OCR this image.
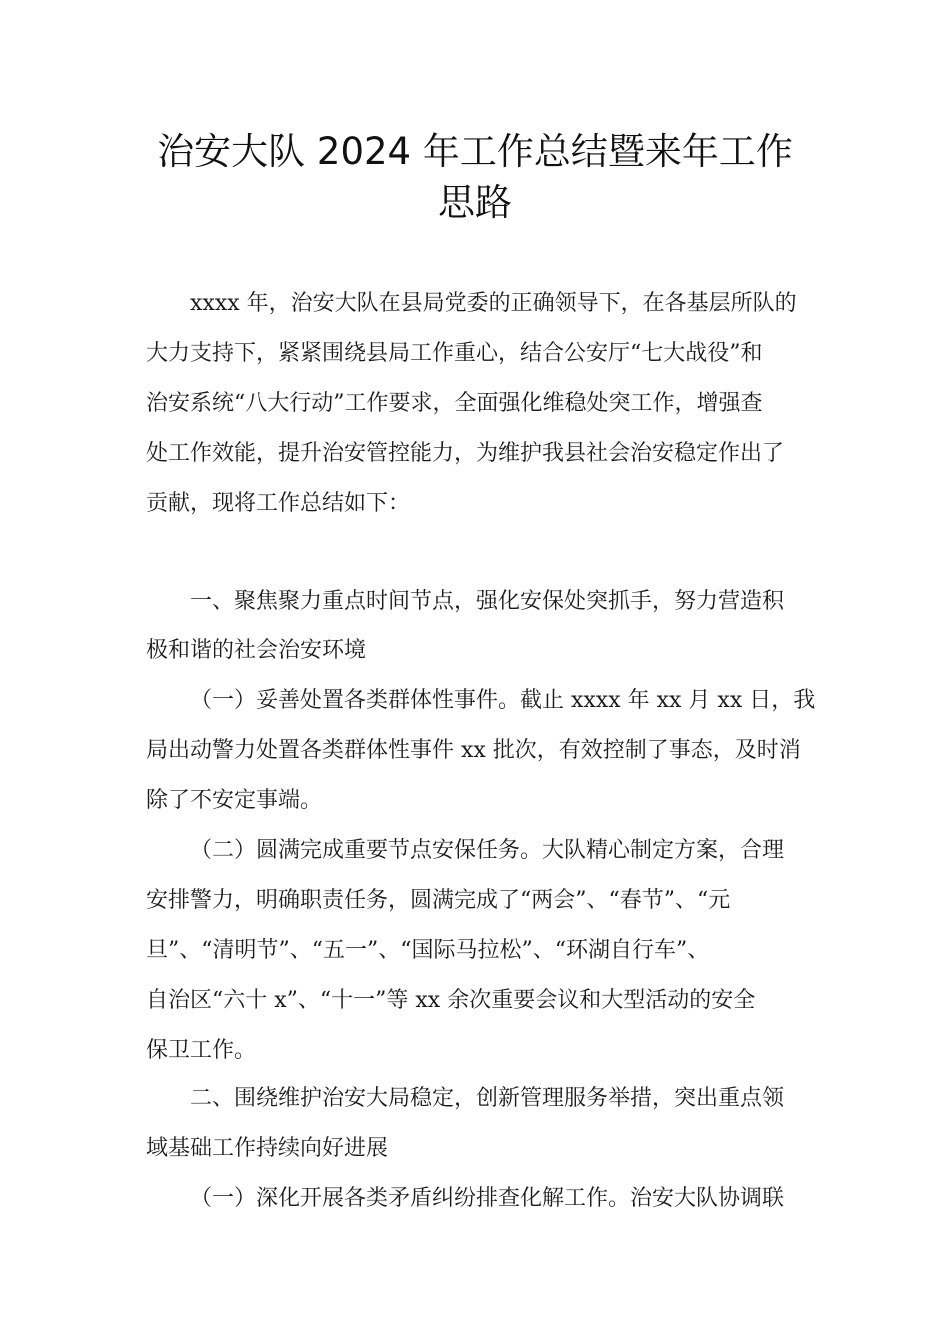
治安大队 2024 年工作总结暨来年工作
思路
xxxx 年，治安大队在县局党委的正确领导下，在各基层所队的
大力支持下，紧紧围绕县局工作重心，结合公安厅“七大战役”和
治安系统“八大行动”工作要求，全面强化维稳处突工作，增强查
处工作效能，提升治安管控能力，为维护我县社会治安稳定作出了
贡献，现将工作总结如下：
一、聚焦聚力重点时间节点，强化安保处突抓手，努力营造积
极和谐的社会治安环境
（一）妥善处置各类群体性事件。截止 xxxx 年 xx 月 xx 日，我
局出动警力处置各类群体性事件 xx 批次，有效控制了事态，及时消
除了不安定事端。
（二）圆满完成重要节点安保任务。大队精心制定方案，合理
安排警力，明确职责任务，圆满完成了“两会”、“春节”、“元
旦”、“清明节”、“五一”、“国际马拉松”、“环湖自行车”、
自治区“六十 x”、“十一”等 xx 余次重要会议和大型活动的安全
保卫工作。
二、围绕维护治安大局稳定，创新管理服务举措，突出重点领
域基础工作持续向好进展
（一）深化开展各类矛盾纠纷排查化解工作。治安大队协调联
